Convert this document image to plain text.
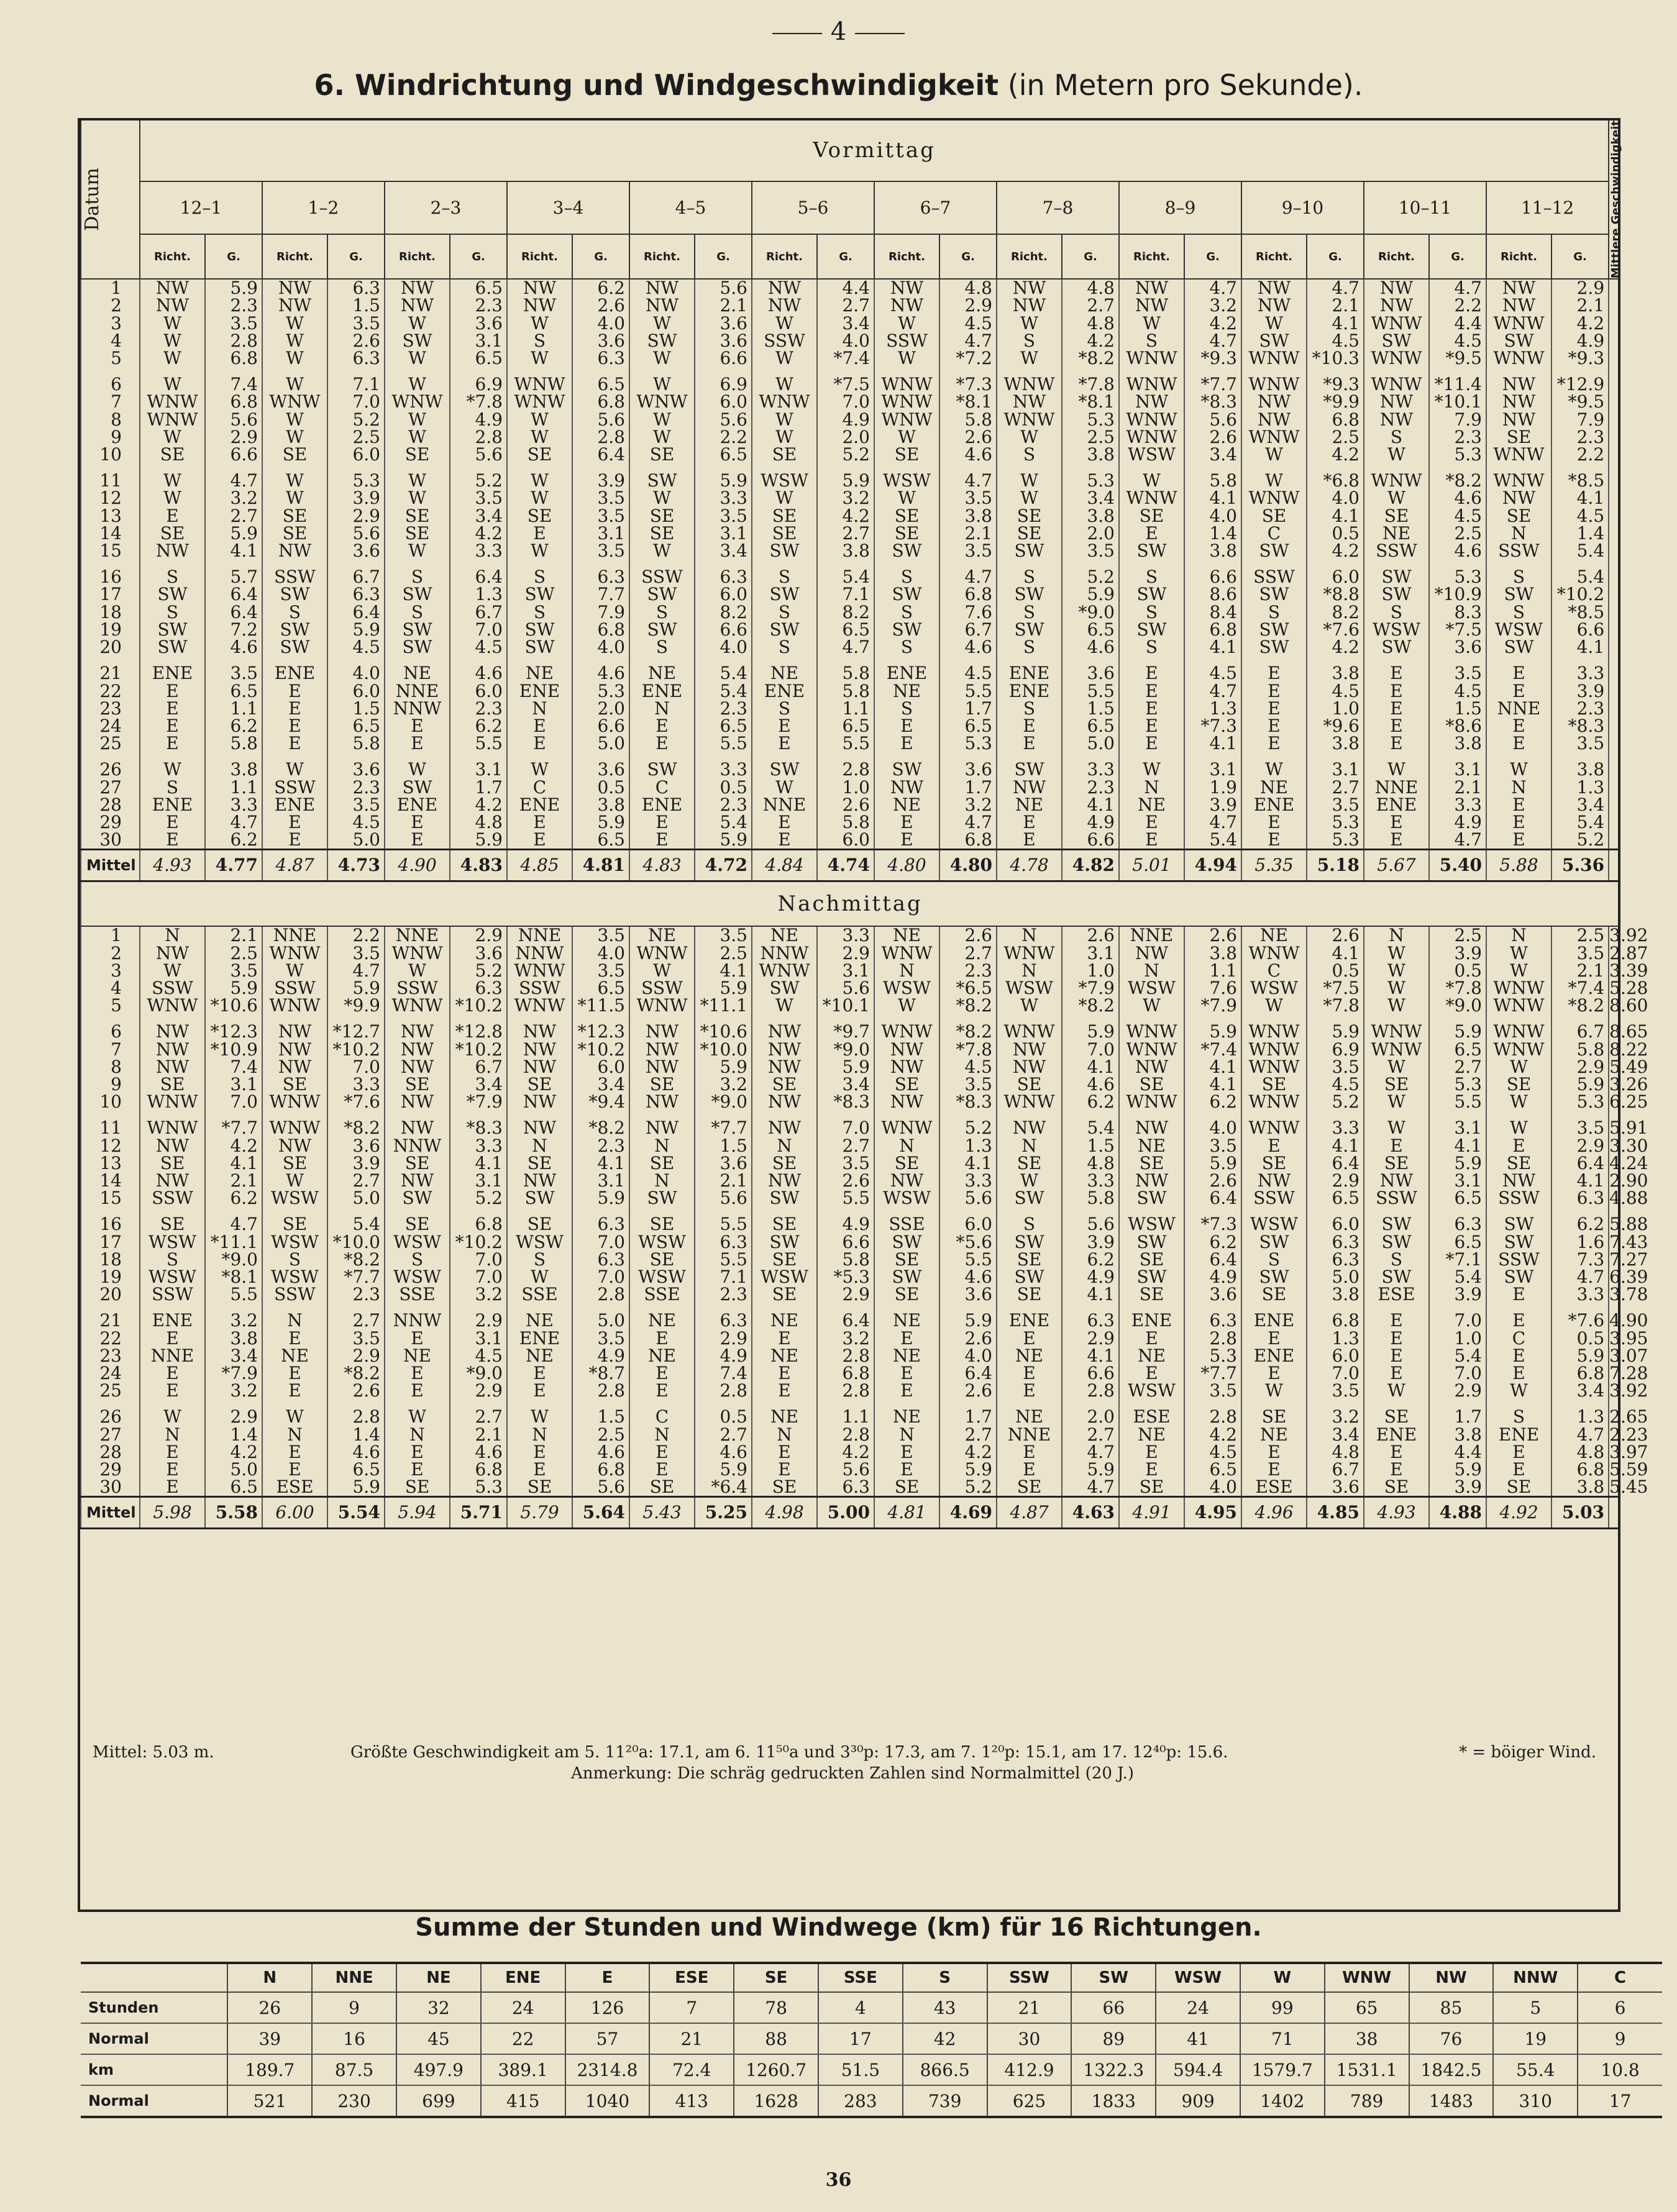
4
6. Windrichtung und Windgeschwindigkeit (in Metern pro Sekunde).
Datum	Vormittag																								Mittlere Geschwindigkeit

	12–1		1–2		2–3		3–4		4–5		5–6		6–7		7–8		8–9		9–10		10–11		11–12		
	Richt.	G.	Richt.	G.	Richt.	G.	Richt.	G.	Richt.	G.	Richt.	G.	Richt.	G.	Richt.	G.	Richt.	G.	Richt.	G.	Richt.	G.	Richt.	G.	
1	NW	5.9	NW	6.3	NW	6.5	NW	6.2	NW	5.6	NW	4.4	NW	4.8	NW	4.8	NW	4.7	NW	4.7	NW	4.7	NW	2.9	
2	NW	2.3	NW	1.5	NW	2.3	NW	2.6	NW	2.1	NW	2.7	NW	2.9	NW	2.7	NW	3.2	NW	2.1	NW	2.2	NW	2.1	
3	W	3.5	W	3.5	W	3.6	W	4.0	W	3.6	W	3.4	W	4.5	W	4.8	W	4.2	W	4.1	WNW	4.4	WNW	4.2	
4	W	2.8	W	2.6	SW	3.1	S	3.6	SW	3.6	SSW	4.0	SSW	4.7	S	4.2	S	4.7	SW	4.5	SW	4.5	SW	4.9	
5	W	6.8	W	6.3	W	6.5	W	6.3	W	6.6	W	*7.4	W	*7.2	W	*8.2	WNW	*9.3	WNW	*10.3	WNW	*9.5	WNW	*9.3	

6	W	7.4	W	7.1	W	6.9	WNW	6.5	W	6.9	W	*7.5	WNW	*7.3	WNW	*7.8	WNW	*7.7	WNW	*9.3	WNW	*11.4	NW	*12.9	
7	WNW	6.8	WNW	7.0	WNW	*7.8	WNW	6.8	WNW	6.0	WNW	7.0	WNW	*8.1	NW	*8.1	NW	*8.3	NW	*9.9	NW	*10.1	NW	*9.5	
8	WNW	5.6	W	5.2	W	4.9	W	5.6	W	5.6	W	4.9	WNW	5.8	WNW	5.3	WNW	5.6	NW	6.8	NW	7.9	NW	7.9	
9	W	2.9	W	2.5	W	2.8	W	2.8	W	2.2	W	2.0	W	2.6	W	2.5	WNW	2.6	WNW	2.5	S	2.3	SE	2.3	
10	SE	6.6	SE	6.0	SE	5.6	SE	6.4	SE	6.5	SE	5.2	SE	4.6	S	3.8	WSW	3.4	W	4.2	W	5.3	WNW	2.2	

11	W	4.7	W	5.3	W	5.2	W	3.9	SW	5.9	WSW	5.9	WSW	4.7	W	5.3	W	5.8	W	*6.8	WNW	*8.2	WNW	*8.5	
12	W	3.2	W	3.9	W	3.5	W	3.5	W	3.3	W	3.2	W	3.5	W	3.4	WNW	4.1	WNW	4.0	W	4.6	NW	4.1	
13	E	2.7	SE	2.9	SE	3.4	SE	3.5	SE	3.5	SE	4.2	SE	3.8	SE	3.8	SE	4.0	SE	4.1	SE	4.5	SE	4.5	
14	SE	5.9	SE	5.6	SE	4.2	E	3.1	SE	3.1	SE	2.7	SE	2.1	SE	2.0	E	1.4	C	0.5	NE	2.5	N	1.4	
15	NW	4.1	NW	3.6	W	3.3	W	3.5	W	3.4	SW	3.8	SW	3.5	SW	3.5	SW	3.8	SW	4.2	SSW	4.6	SSW	5.4	

16	S	5.7	SSW	6.7	S	6.4	S	6.3	SSW	6.3	S	5.4	S	4.7	S	5.2	S	6.6	SSW	6.0	SW	5.3	S	5.4	
17	SW	6.4	SW	6.3	SW	1.3	SW	7.7	SW	6.0	SW	7.1	SW	6.8	SW	5.9	SW	8.6	SW	*8.8	SW	*10.9	SW	*10.2	
18	S	6.4	S	6.4	S	6.7	S	7.9	S	8.2	S	8.2	S	7.6	S	*9.0	S	8.4	S	8.2	S	8.3	S	*8.5	
19	SW	7.2	SW	5.9	SW	7.0	SW	6.8	SW	6.6	SW	6.5	SW	6.7	SW	6.5	SW	6.8	SW	*7.6	WSW	*7.5	WSW	6.6	
20	SW	4.6	SW	4.5	SW	4.5	SW	4.0	S	4.0	S	4.7	S	4.6	S	4.6	S	4.1	SW	4.2	SW	3.6	SW	4.1	

21	ENE	3.5	ENE	4.0	NE	4.6	NE	4.6	NE	5.4	NE	5.8	ENE	4.5	ENE	3.6	E	4.5	E	3.8	E	3.5	E	3.3	
22	E	6.5	E	6.0	NNE	6.0	ENE	5.3	ENE	5.4	ENE	5.8	NE	5.5	ENE	5.5	E	4.7	E	4.5	E	4.5	E	3.9	
23	E	1.1	E	1.5	NNW	2.3	N	2.0	N	2.3	S	1.1	S	1.7	S	1.5	E	1.3	E	1.0	E	1.5	NNE	2.3	
24	E	6.2	E	6.5	E	6.2	E	6.6	E	6.5	E	6.5	E	6.5	E	6.5	E	*7.3	E	*9.6	E	*8.6	E	*8.3	
25	E	5.8	E	5.8	E	5.5	E	5.0	E	5.5	E	5.5	E	5.3	E	5.0	E	4.1	E	3.8	E	3.8	E	3.5	

26	W	3.8	W	3.6	W	3.1	W	3.6	SW	3.3	SW	2.8	SW	3.6	SW	3.3	W	3.1	W	3.1	W	3.1	W	3.8	
27	S	1.1	SSW	2.3	SW	1.7	C	0.5	C	0.5	W	1.0	NW	1.7	NW	2.3	N	1.9	NE	2.7	NNE	2.1	N	1.3	
28	ENE	3.3	ENE	3.5	ENE	4.2	ENE	3.8	ENE	2.3	NNE	2.6	NE	3.2	NE	4.1	NE	3.9	ENE	3.5	ENE	3.3	E	3.4	
29	E	4.7	E	4.5	E	4.8	E	5.9	E	5.4	E	5.8	E	4.7	E	4.9	E	4.7	E	5.3	E	4.9	E	5.4	
30	E	6.2	E	5.0	E	5.9	E	6.5	E	5.9	E	6.0	E	6.8	E	6.6	E	5.4	E	5.3	E	4.7	E	5.2	
Mittel	4.93	4.77	4.87	4.73	4.90	4.83	4.85	4.81	4.83	4.72	4.84	4.74	4.80	4.80	4.78	4.82	5.01	4.94	5.35	5.18	5.67	5.40	5.88	5.36	
Nachmittag																									
1	N	2.1	NNE	2.2	NNE	2.9	NNE	3.5	NE	3.5	NE	3.3	NE	2.6	N	2.6	NNE	2.6	NE	2.6	N	2.5	N	2.5	3.92
2	NW	2.5	WNW	3.5	WNW	3.6	NNW	4.0	WNW	2.5	NNW	2.9	WNW	2.7	WNW	3.1	NW	3.8	WNW	4.1	W	3.9	W	3.5	2.87
3	W	3.5	W	4.7	W	5.2	WNW	3.5	W	4.1	WNW	3.1	N	2.3	N	1.0	N	1.1	C	0.5	W	0.5	W	2.1	3.39
4	SSW	5.9	SSW	5.9	SSW	6.3	SSW	6.5	SSW	5.9	SW	5.6	WSW	*6.5	WSW	*7.9	WSW	7.6	WSW	*7.5	W	*7.8	WNW	*7.4	5.28
5	WNW	*10.6	WNW	*9.9	WNW	*10.2	WNW	*11.5	WNW	*11.1	W	*10.1	W	*8.2	W	*8.2	W	*7.9	W	*7.8	W	*9.0	WNW	*8.2	8.60

6	NW	*12.3	NW	*12.7	NW	*12.8	NW	*12.3	NW	*10.6	NW	*9.7	WNW	*8.2	WNW	5.9	WNW	5.9	WNW	5.9	WNW	5.9	WNW	6.7	8.65
7	NW	*10.9	NW	*10.2	NW	*10.2	NW	*10.2	NW	*10.0	NW	*9.0	NW	*7.8	NW	7.0	WNW	*7.4	WNW	6.9	WNW	6.5	WNW	5.8	8.22
8	NW	7.4	NW	7.0	NW	6.7	NW	6.0	NW	5.9	NW	5.9	NW	4.5	NW	4.1	NW	4.1	WNW	3.5	W	2.7	W	2.9	5.49
9	SE	3.1	SE	3.3	SE	3.4	SE	3.4	SE	3.2	SE	3.4	SE	3.5	SE	4.6	SE	4.1	SE	4.5	SE	5.3	SE	5.9	3.26
10	WNW	7.0	WNW	*7.6	NW	*7.9	NW	*9.4	NW	*9.0	NW	*8.3	NW	*8.3	WNW	6.2	WNW	6.2	WNW	5.2	W	5.5	W	5.3	6.25

11	WNW	*7.7	WNW	*8.2	NW	*8.3	NW	*8.2	NW	*7.7	NW	7.0	WNW	5.2	NW	5.4	NW	4.0	WNW	3.3	W	3.1	W	3.5	5.91
12	NW	4.2	NW	3.6	NNW	3.3	N	2.3	N	1.5	N	2.7	N	1.3	N	1.5	NE	3.5	E	4.1	E	4.1	E	2.9	3.30
13	SE	4.1	SE	3.9	SE	4.1	SE	4.1	SE	3.6	SE	3.5	SE	4.1	SE	4.8	SE	5.9	SE	6.4	SE	5.9	SE	6.4	4.24
14	NW	2.1	W	2.7	NW	3.1	NW	3.1	N	2.1	NW	2.6	NW	3.3	W	3.3	NW	2.6	NW	2.9	NW	3.1	NW	4.1	2.90
15	SSW	6.2	WSW	5.0	SW	5.2	SW	5.9	SW	5.6	SW	5.5	WSW	5.6	SW	5.8	SW	6.4	SSW	6.5	SSW	6.5	SSW	6.3	4.88

16	SE	4.7	SE	5.4	SE	6.8	SE	6.3	SE	5.5	SE	4.9	SSE	6.0	S	5.6	WSW	*7.3	WSW	6.0	SW	6.3	SW	6.2	5.88
17	WSW	*11.1	WSW	*10.0	WSW	*10.2	WSW	7.0	WSW	6.3	SW	6.6	SW	*5.6	SW	3.9	SW	6.2	SW	6.3	SW	6.5	SW	1.6	7.43
18	S	*9.0	S	*8.2	S	7.0	S	6.3	SE	5.5	SE	5.8	SE	5.5	SE	6.2	SE	6.4	S	6.3	S	*7.1	SSW	7.3	7.27
19	WSW	*8.1	WSW	*7.7	WSW	7.0	W	7.0	WSW	7.1	WSW	*5.3	SW	4.6	SW	4.9	SW	4.9	SW	5.0	SW	5.4	SW	4.7	6.39
20	SSW	5.5	SSW	2.3	SSE	3.2	SSE	2.8	SSE	2.3	SE	2.9	SE	3.6	SE	4.1	SE	3.6	SE	3.8	ESE	3.9	E	3.3	3.78

21	ENE	3.2	N	2.7	NNW	2.9	NE	5.0	NE	6.3	NE	6.4	NE	5.9	ENE	6.3	ENE	6.3	ENE	6.8	E	7.0	E	*7.6	4.90
22	E	3.8	E	3.5	E	3.1	ENE	3.5	E	2.9	E	3.2	E	2.6	E	2.9	E	2.8	E	1.3	E	1.0	C	0.5	3.95
23	NNE	3.4	NE	2.9	NE	4.5	NE	4.9	NE	4.9	NE	2.8	NE	4.0	NE	4.1	NE	5.3	ENE	6.0	E	5.4	E	5.9	3.07
24	E	*7.9	E	*8.2	E	*9.0	E	*8.7	E	7.4	E	6.8	E	6.4	E	6.6	E	*7.7	E	7.0	E	7.0	E	6.8	7.28
25	E	3.2	E	2.6	E	2.9	E	2.8	E	2.8	E	2.8	E	2.6	E	2.8	WSW	3.5	W	3.5	W	2.9	W	3.4	3.92

26	W	2.9	W	2.8	W	2.7	W	1.5	C	0.5	NE	1.1	NE	1.7	NE	2.0	ESE	2.8	SE	3.2	SE	1.7	S	1.3	2.65
27	N	1.4	N	1.4	N	2.1	N	2.5	N	2.7	N	2.8	N	2.7	NNE	2.7	NE	4.2	NE	3.4	ENE	3.8	ENE	4.7	2.23
28	E	4.2	E	4.6	E	4.6	E	4.6	E	4.6	E	4.2	E	4.2	E	4.7	E	4.5	E	4.8	E	4.4	E	4.8	3.97
29	E	5.0	E	6.5	E	6.8	E	6.8	E	5.9	E	5.6	E	5.9	E	5.9	E	6.5	E	6.7	E	5.9	E	6.8	5.59
30	E	6.5	ESE	5.9	SE	5.3	SE	5.6	SE	*6.4	SE	6.3	SE	5.2	SE	4.7	SE	4.0	ESE	3.6	SE	3.9	SE	3.8	5.45
Mittel	5.98	5.58	6.00	5.54	5.94	5.71	5.79	5.64	5.43	5.25	4.98	5.00	4.81	4.69	4.87	4.63	4.91	4.95	4.96	4.85	4.93	4.88	4.92	5.03	
Mittel: 5.03 m.	Größte Geschwindigkeit am 5. 11²⁰a: 17.1, am 6. 11⁵⁰a und 3³⁰p: 17.3, am 7. 1²⁰p: 15.1, am 17. 12⁴⁰p: 15.6.	* = böiger Wind.
Anmerkung: Die schräg gedruckten Zahlen sind Normalmittel (20 J.)
Summe der Stunden und Windwege (km) für 16 Richtungen.
	N	NNE	NE	ENE	E	ESE	SE	SSE	S	SSW	SW	WSW	W	WNW	NW	NNW	C
Stunden	26	9	32	24	126	7	78	4	43	21	66	24	99	65	85	5	6
Normal	39	16	45	22	57	21	88	17	42	30	89	41	71	38	76	19	9
km	189.7	87.5	497.9	389.1	2314.8	72.4	1260.7	51.5	866.5	412.9	1322.3	594.4	1579.7	1531.1	1842.5	55.4	10.8
Normal	521	230	699	415	1040	413	1628	283	739	625	1833	909	1402	789	1483	310	17
36
